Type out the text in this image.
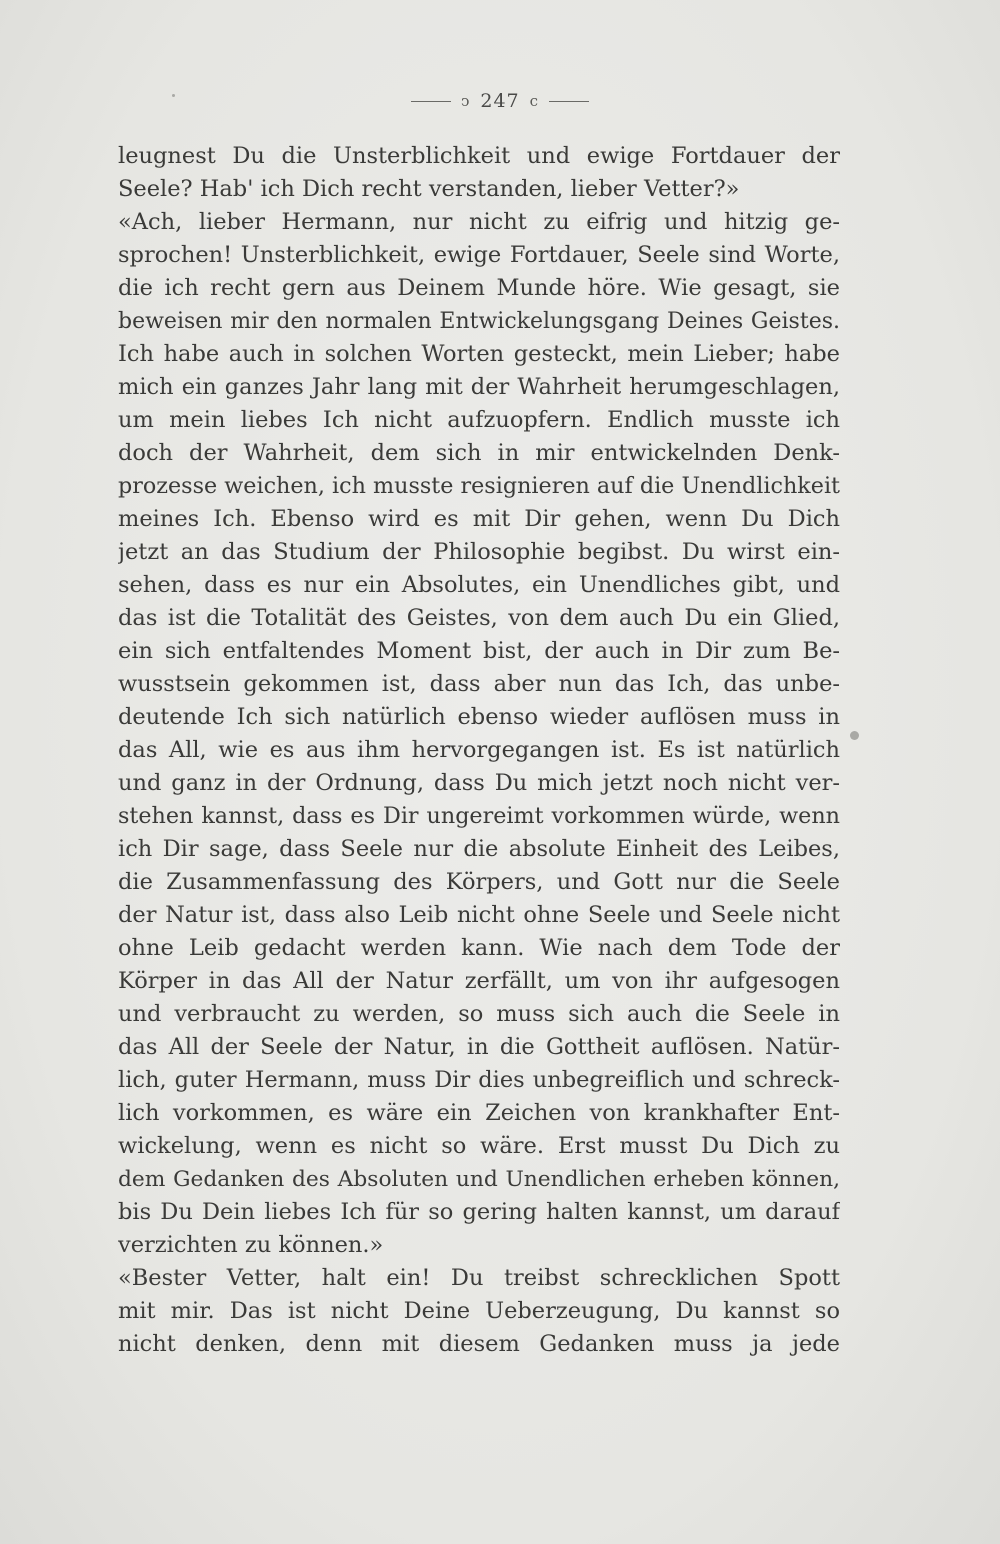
ↄ 247 c
leugnest Du die Unsterblichkeit und ewige Fortdauer der
Seele? Hab' ich Dich recht verstanden, lieber Vetter?»
«Ach, lieber Hermann, nur nicht zu eifrig und hitzig ge-
sprochen! Unsterblichkeit, ewige Fortdauer, Seele sind Worte,
die ich recht gern aus Deinem Munde höre. Wie gesagt, sie
beweisen mir den normalen Entwickelungsgang Deines Geistes.
Ich habe auch in solchen Worten gesteckt, mein Lieber; habe
mich ein ganzes Jahr lang mit der Wahrheit herumgeschlagen,
um mein liebes Ich nicht aufzuopfern. Endlich musste ich
doch der Wahrheit, dem sich in mir entwickelnden Denk-
prozesse weichen, ich musste resignieren auf die Unendlichkeit
meines Ich. Ebenso wird es mit Dir gehen, wenn Du Dich
jetzt an das Studium der Philosophie begibst. Du wirst ein-
sehen, dass es nur ein Absolutes, ein Unendliches gibt, und
das ist die Totalität des Geistes, von dem auch Du ein Glied,
ein sich entfaltendes Moment bist, der auch in Dir zum Be-
wusstsein gekommen ist, dass aber nun das Ich, das unbe-
deutende Ich sich natürlich ebenso wieder auflösen muss in
das All, wie es aus ihm hervorgegangen ist. Es ist natürlich
und ganz in der Ordnung, dass Du mich jetzt noch nicht ver-
stehen kannst, dass es Dir ungereimt vorkommen würde, wenn
ich Dir sage, dass Seele nur die absolute Einheit des Leibes,
die Zusammenfassung des Körpers, und Gott nur die Seele
der Natur ist, dass also Leib nicht ohne Seele und Seele nicht
ohne Leib gedacht werden kann. Wie nach dem Tode der
Körper in das All der Natur zerfällt, um von ihr aufgesogen
und verbraucht zu werden, so muss sich auch die Seele in
das All der Seele der Natur, in die Gottheit auflösen. Natür-
lich, guter Hermann, muss Dir dies unbegreiflich und schreck-
lich vorkommen, es wäre ein Zeichen von krankhafter Ent-
wickelung, wenn es nicht so wäre. Erst musst Du Dich zu
dem Gedanken des Absoluten und Unendlichen erheben können,
bis Du Dein liebes Ich für so gering halten kannst, um darauf
verzichten zu können.»
«Bester Vetter, halt ein! Du treibst schrecklichen Spott
mit mir. Das ist nicht Deine Ueberzeugung, Du kannst so
nicht denken, denn mit diesem Gedanken muss ja jede
